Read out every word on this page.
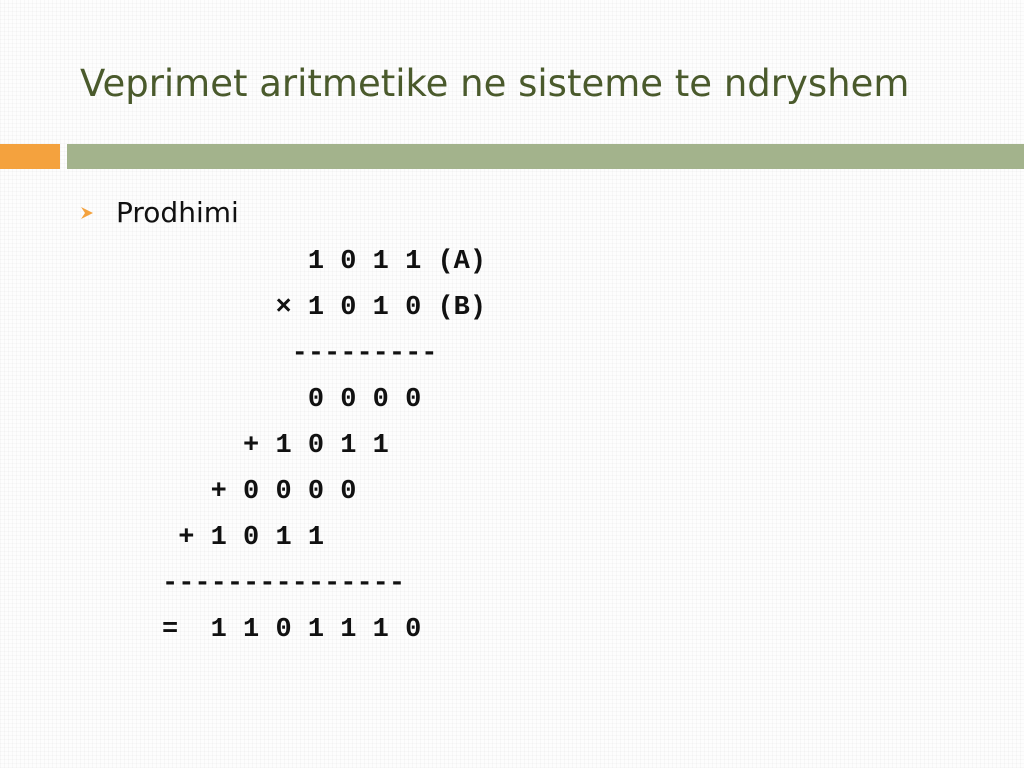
Veprimet aritmetike ne sisteme te ndryshem
Prodhimi
1 0 1 1 (A)
× 1 0 1 0 (B)
---------
0 0 0 0
+ 1 0 1 1
+ 0 0 0 0
+ 1 0 1 1
---------------
=  1 1 0 1 1 1 0
